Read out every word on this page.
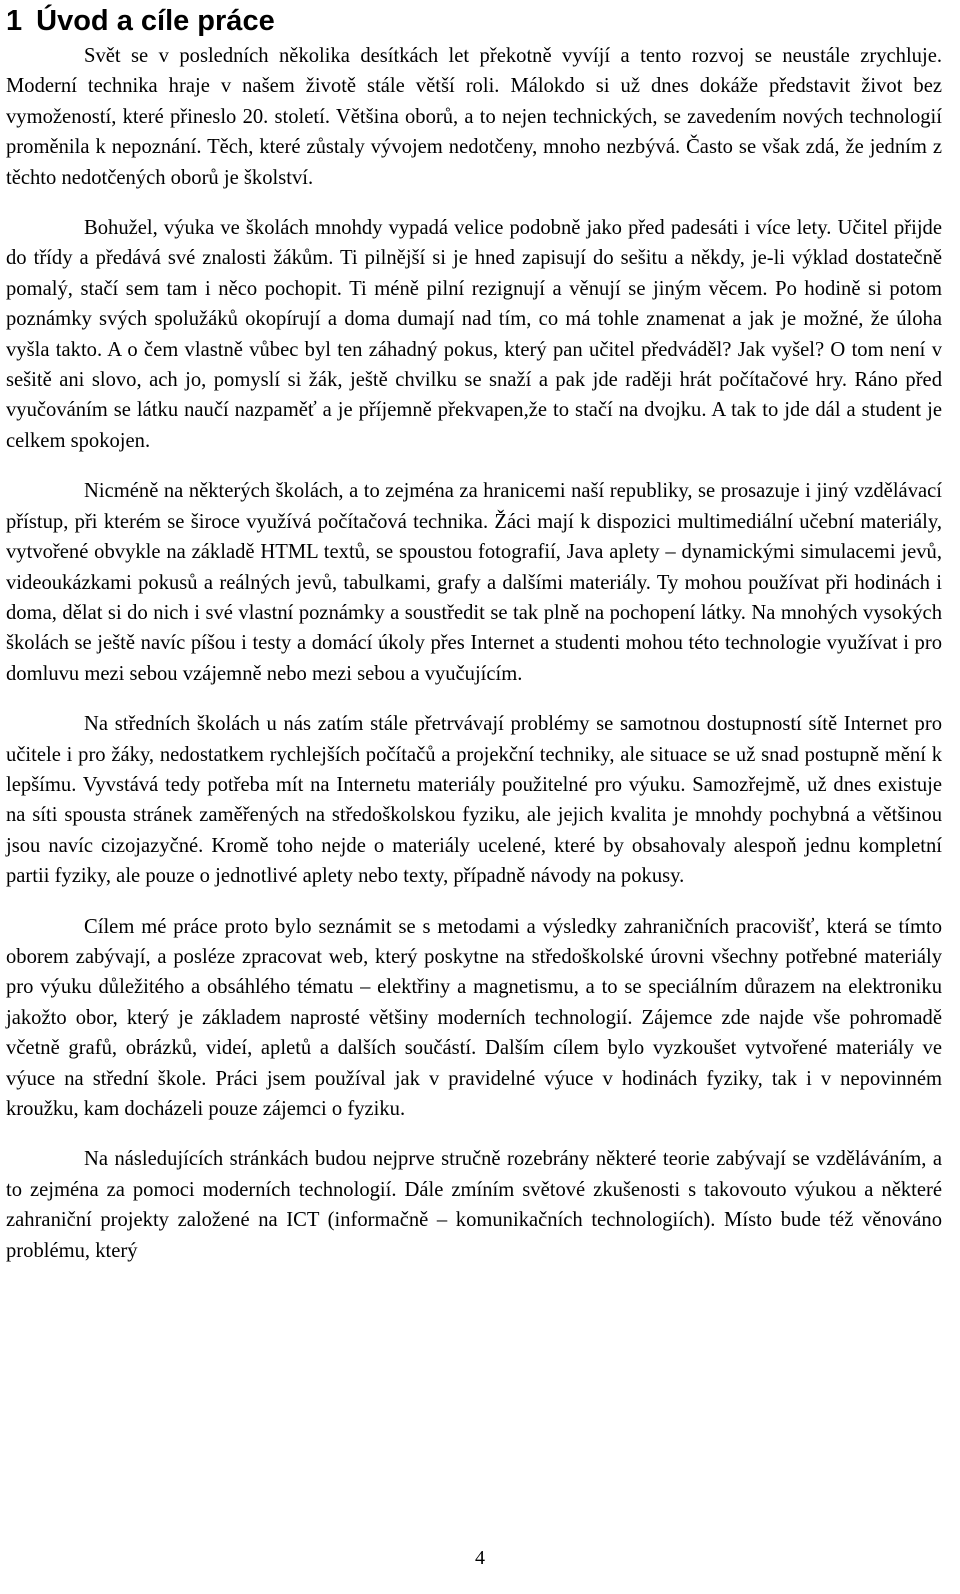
1 Úvod a cíle práce

Svět se v posledních několika desítkách let překotně vyvíjí a tento rozvoj se neustále zrychluje. Moderní technika hraje v našem životě stále větší roli. Málokdo si už dnes dokáže představit život bez vymožeností, které přineslo 20. století. Většina oborů, a to nejen technických, se zavedením nových technologií proměnila k nepoznání. Těch, které zůstaly vývojem nedotčeny, mnoho nezbývá. Často se však zdá, že jedním z těchto nedotčených oborů je školství.

Bohužel, výuka ve školách mnohdy vypadá velice podobně jako před padesáti i více lety. Učitel přijde do třídy a předává své znalosti žákům. Ti pilnější si je hned zapisují do sešitu a někdy, je-li výklad dostatečně pomalý, stačí sem tam i něco pochopit. Ti méně pilní rezignují a věnují se jiným věcem. Po hodině si potom poznámky svých spolužáků okopírují a doma dumají nad tím, co má tohle znamenat a jak je možné, že úloha vyšla takto. A o čem vlastně vůbec byl ten záhadný pokus, který pan učitel předváděl? Jak vyšel? O tom není v sešitě ani slovo, ach jo, pomyslí si žák, ještě chvilku se snaží a pak jde raději hrát počítačové hry. Ráno před vyučováním se látku naučí nazpaměť a je příjemně překvapen,že to stačí na dvojku. A tak to jde dál a student je celkem spokojen.

Nicméně na některých školách, a to zejména za hranicemi naší republiky, se prosazuje i jiný vzdělávací přístup, při kterém se široce využívá počítačová technika. Žáci mají k dispozici multimediální učební materiály, vytvořené obvykle na základě HTML textů, se spoustou fotografií, Java aplety – dynamickými simulacemi jevů, videoukázkami pokusů a reálných jevů, tabulkami, grafy a dalšími materiály. Ty mohou používat při hodinách i doma, dělat si do nich i své vlastní poznámky a soustředit se tak plně na pochopení látky. Na mnohých vysokých školách se ještě navíc píšou i testy a domácí úkoly přes Internet a studenti mohou této technologie využívat i pro domluvu mezi sebou vzájemně nebo mezi sebou a vyučujícím.

Na středních školách u nás zatím stále přetrvávají problémy se samotnou dostupností sítě Internet pro učitele i pro žáky, nedostatkem rychlejších počítačů a projekční techniky, ale situace se už snad postupně mění k lepšímu. Vyvstává tedy potřeba mít na Internetu materiály použitelné pro výuku. Samozřejmě, už dnes existuje na síti spousta stránek zaměřených na středoškolskou fyziku, ale jejich kvalita je mnohdy pochybná a většinou jsou navíc cizojazyčné. Kromě toho nejde o materiály ucelené, které by obsahovaly alespoň jednu kompletní partii fyziky, ale pouze o jednotlivé aplety nebo texty, případně návody na pokusy.

Cílem mé práce proto bylo seznámit se s metodami a výsledky zahraničních pracovišť, která se tímto oborem zabývají, a posléze zpracovat web, který poskytne na středoškolské úrovni všechny potřebné materiály pro výuku důležitého a obsáhlého tématu – elektřiny a magnetismu, a to se speciálním důrazem na elektroniku jakožto obor, který je základem naprosté většiny moderních technologií. Zájemce zde najde vše pohromadě včetně grafů, obrázků, videí, apletů a dalších součástí. Dalším cílem bylo vyzkoušet vytvořené materiály ve výuce na střední škole. Práci jsem používal jak v pravidelné výuce v hodinách fyziky, tak i v nepovinném kroužku, kam docházeli pouze zájemci o fyziku.

Na následujících stránkách budou nejprve stručně rozebrány některé teorie zabývají se vzděláváním, a to zejména za pomoci moderních technologií. Dále zmíním světové zkušenosti s takovouto výukou a některé zahraniční projekty založené na ICT (informačně – komunikačních technologiích). Místo bude též věnováno problému, který

4
